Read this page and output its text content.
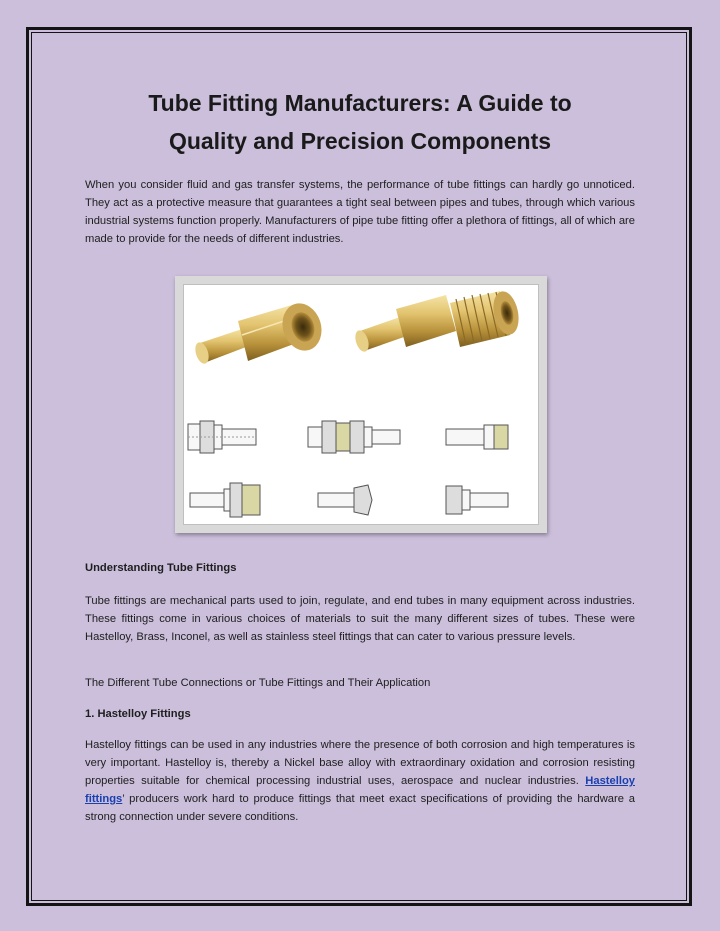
Tube Fitting Manufacturers: A Guide to
Quality and Precision Components
When you consider fluid and gas transfer systems, the performance of tube fittings can hardly go unnoticed. They act as a protective measure that guarantees a tight seal between pipes and tubes, through which various industrial systems function properly. Manufacturers of pipe tube fitting offer a plethora of fittings, all of which are made to provide for the needs of different industries.
Understanding Tube Fittings
Tube fittings are mechanical parts used to join, regulate, and end tubes in many equipment across industries. These fittings come in various choices of materials to suit the many different sizes of tubes. These were Hastelloy, Brass, Inconel, as well as stainless steel fittings that can cater to various pressure levels.
The Different Tube Connections or Tube Fittings and Their Application
1. Hastelloy Fittings
Hastelloy fittings can be used in any industries where the presence of both corrosion and high temperatures is very important. Hastelloy is, thereby a Nickel base alloy with extraordinary oxidation and corrosion resisting properties suitable for chemical processing industrial uses, aerospace and nuclear industries. Hastelloy fittings’ producers work hard to produce fittings that meet exact specifications of providing the hardware a strong connection under severe conditions.
